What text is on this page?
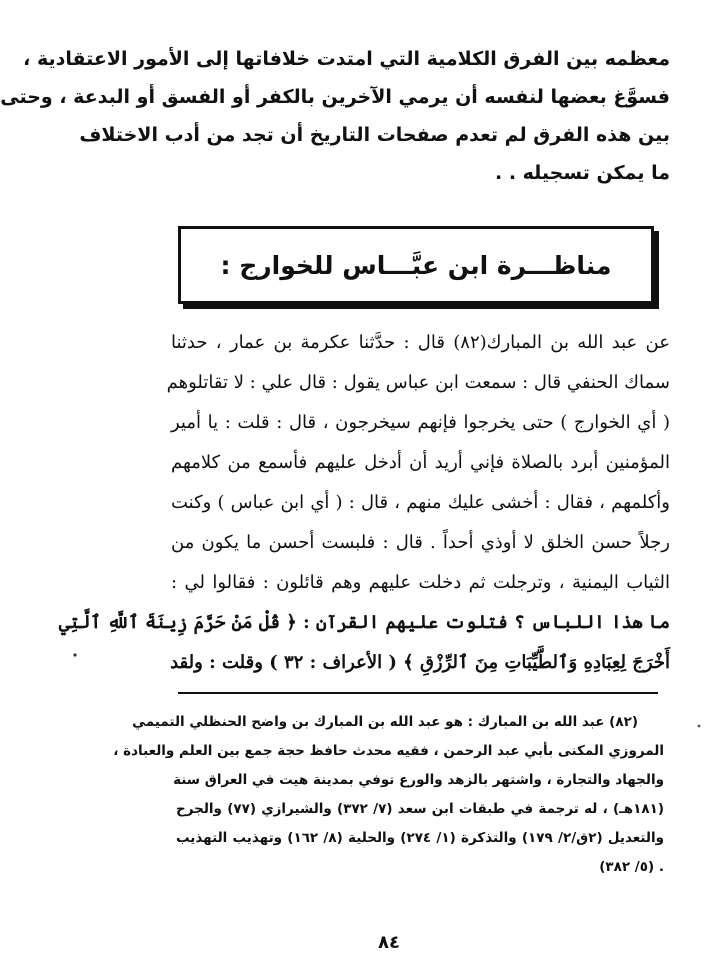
معظمه بين الفرق الكلامية التي امتدت خلافاتها إلى الأمور الاعتقادية ،
فسوَّغ بعضها لنفسه أن يرمي الآخرين بالكفر أو الفسق أو البدعة ، وحتى
بين هذه الفرق لم تعدم صفحات التاريخ أن تجد من أدب الاختلاف
ما يمكن تسجيله . .
مناظـــرة ابن عبَّـــاس للخوارج :
عن عبد الله بن المبارك(٨٢) قال : حدَّثنا عكرمة بن عمار ، حدثنا
سماك الحنفي قال : سمعت ابن عباس يقول : قال علي : لا تقاتلوهم
( أي الخوارج ) حتى يخرجوا فإنهم سيخرجون ، قال : قلت : يا أمير
المؤمنين أبرد بالصلاة فإني أريد أن أدخل عليهم فأسمع من كلامهم
وأكلمهم ، فقال : أخشى عليك منهم ، قال : ( أي ابن عباس ) وكنت
رجلاً حسن الخلق لا أوذي أحداً . قال : فلبست أحسن ما يكون من
الثياب اليمنية ، وترجلت ثم دخلت عليهم وهم قائلون : فقالوا لي :
ما هذا اللباس ؟ فتلوت عليهم القرآن : ﴿ قُلْ مَنْ حَرَّمَ زِينَةَ ٱللَّهِ ٱلَّتِي
أَخْرَجَ لِعِبَادِهِ وَٱلطَّيِّبَاتِ مِنَ ٱلرِّزْقِ ﴾ ( الأعراف : ٣٢ ) وقلت : ولقد
(٨٢) عبد الله بن المبارك : هو عبد الله بن المبارك بن واضح الحنظلي التميمي
المروزي المكنى بأبي عبد الرحمن ، فقيه محدث حافظ حجة جمع بين العلم والعبادة ،
والجهاد والتجارة ، واشتهر بالزهد والورع توفي بمدينة هيت في العراق سنة
(١٨١هـ) ، له ترجمة في طبقات ابن سعد (٧/ ٣٧٢) والشيرازي (٧٧) والجرح
والتعديل (٢ق/٢/ ١٧٩) والتذكرة (١/ ٢٧٤) والحلية (٨/ ١٦٢) وتهذيب التهذيب
. (٥/ ٣٨٢)
٨٤
